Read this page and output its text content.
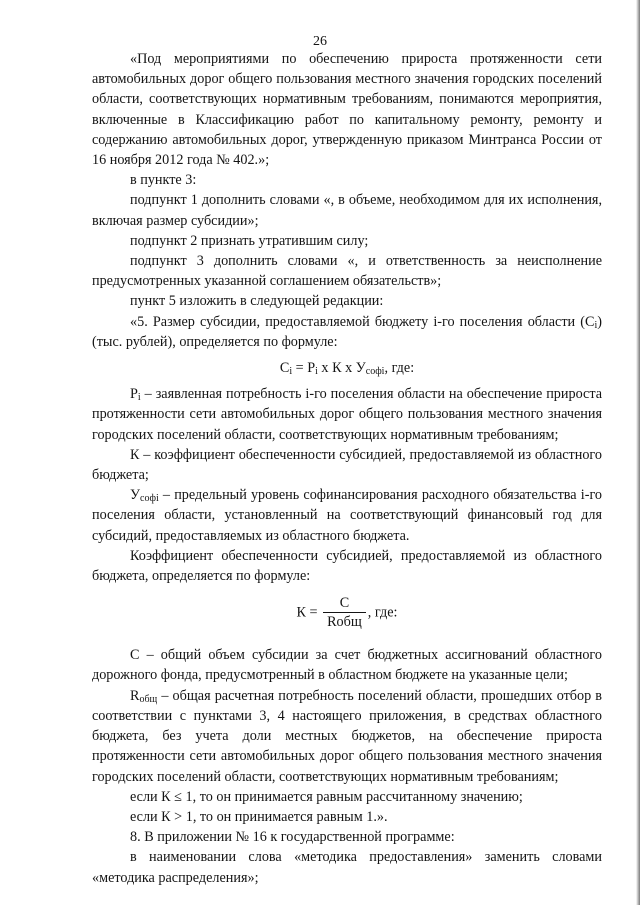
26

«Под мероприятиями по обеспечению прироста протяженности сети автомобильных дорог общего пользования местного значения городских поселений области, соответствующих нормативным требованиям, понимаются мероприятия, включенные в Классификацию работ по капитальному ремонту, ремонту и содержанию автомобильных дорог, утвержденную приказом Минтранса России от 16 ноября 2012 года № 402.»;

в пункте 3:

подпункт 1 дополнить словами «, в объеме, необходимом для их исполнения, включая размер субсидии»;

подпункт 2 признать утратившим силу;

подпункт 3 дополнить словами «, и ответственность за неисполнение предусмотренных указанной соглашением обязательств»;

пункт 5 изложить в следующей редакции:

«5. Размер субсидии, предоставляемой бюджету i-го поселения области $(С_i)$ (тыс. рублей), определяется по формуле:

$С_i = Р_i$ x К x $У_{софi}$, где:

$Р_i$ – заявленная потребность i-го поселения области на обеспечение прироста протяженности сети автомобильных дорог общего пользования местного значения городских поселений области, соответствующих нормативным требованиям;

К – коэффициент обеспеченности субсидией, предоставляемой из областного бюджета;

$У_{софi}$ – предельный уровень софинансирования расходного обязательства i-го поселения области, установленный на соответствующий финансовый год для субсидий, предоставляемых из областного бюджета.

Коэффициент обеспеченности субсидией, предоставляемой из областного бюджета, определяется по формуле:

$К = \frac{С}{\text{Rобщ}}$ , где:

С – общий объем субсидии за счет бюджетных ассигнований областного дорожного фонда, предусмотренный в областном бюджете на указанные цели;

$R_{общ}$ – общая расчетная потребность поселений области, прошедших отбор в соответствии с пунктами 3, 4 настоящего приложения, в средствах областного бюджета, без учета доли местных бюджетов, на обеспечение прироста протяженности сети автомобильных дорог общего пользования местного значения городских поселений области, соответствующих нормативным требованиям;

если К ≤ 1, то он принимается равным рассчитанному значению;

если К > 1, то он принимается равным 1.».

8. В приложении № 16 к государственной программе:

в наименовании слова «методика предоставления» заменить словами «методика распределения»;
